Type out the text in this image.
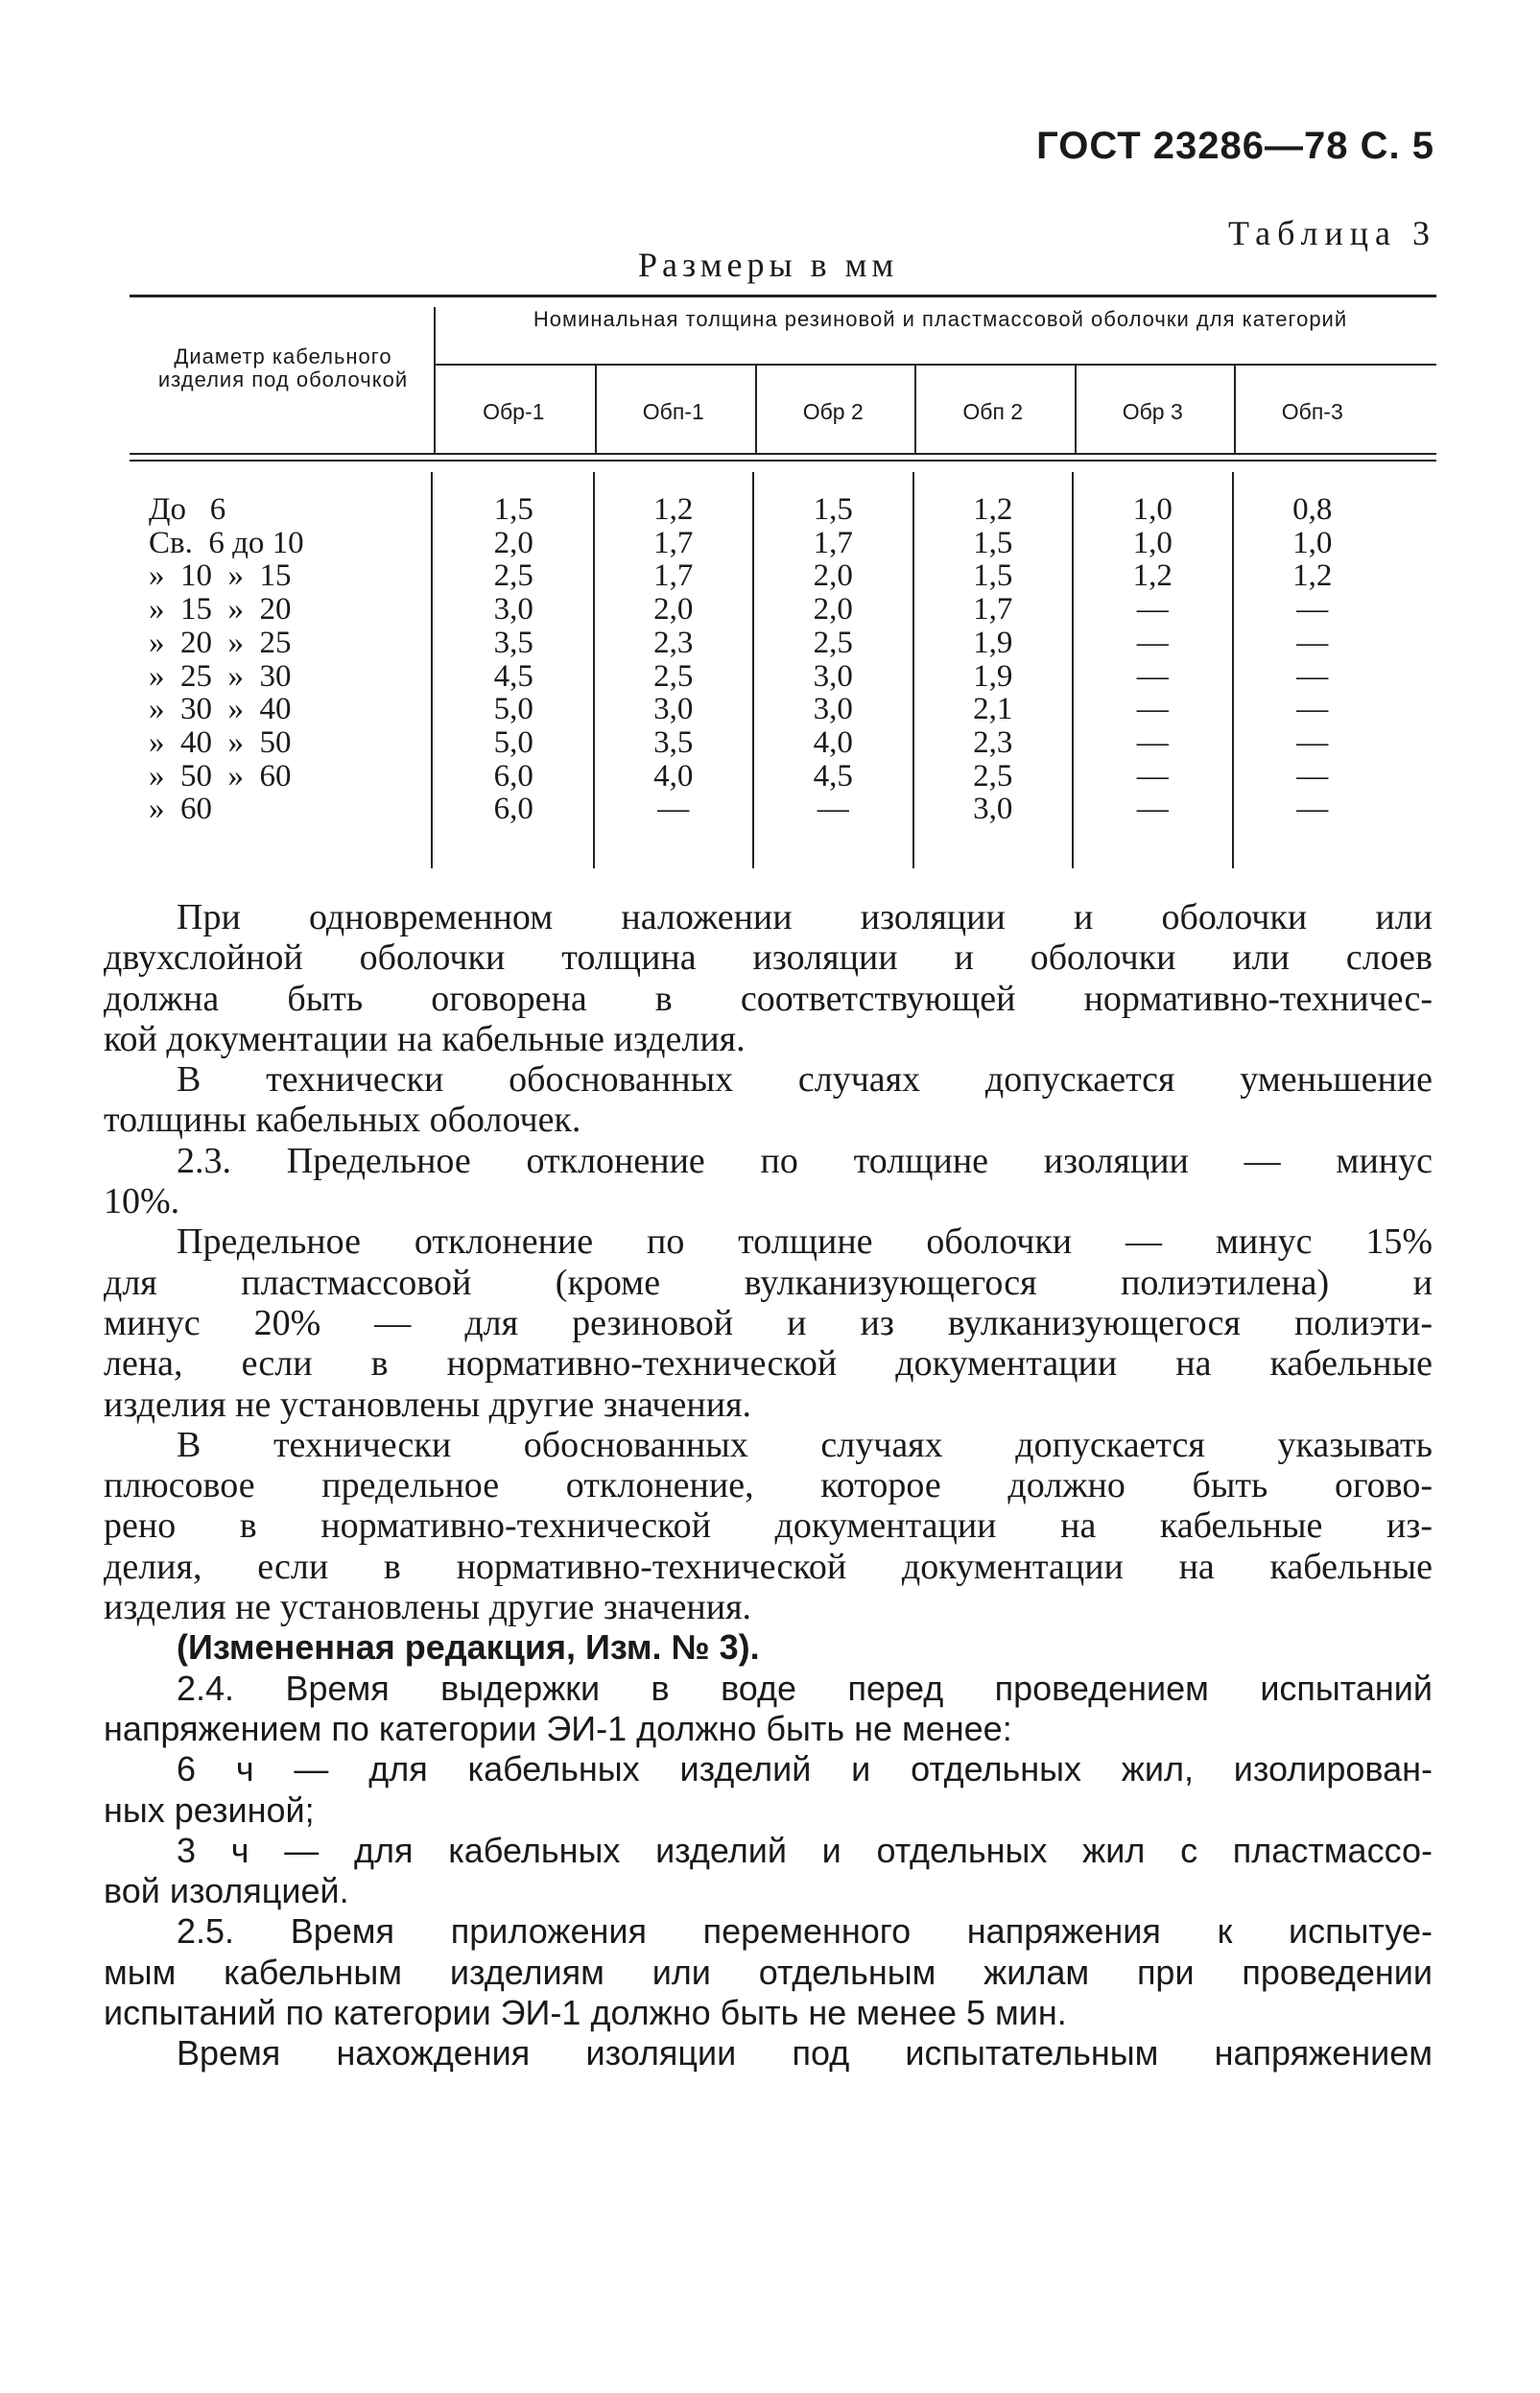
ГОСТ 23286—78 С. 5
Таблица 3
Размеры в мм
Диаметр кабельного изделия под оболочкой
Номинальная толщина резиновой и пластмассовой оболочки для категорий
Обр-1	Обп-1	Обр 2	Обп 2	Обр 3	Обп-3
До   6	1,5	1,2	1,5	1,2	1,0	0,8
Св.  6 до 10	2,0	1,7	1,7	1,5	1,0	1,0
»  10  »  15	2,5	1,7	2,0	1,5	1,2	1,2
»  15  »  20	3,0	2,0	2,0	1,7	—	—
»  20  »  25	3,5	2,3	2,5	1,9	—	—
»  25  »  30	4,5	2,5	3,0	1,9	—	—
»  30  »  40	5,0	3,0	3,0	2,1	—	—
»  40  »  50	5,0	3,5	4,0	2,3	—	—
»  50  »  60	6,0	4,0	4,5	2,5	—	—
»  60	6,0	—	—	3,0	—	—

При одновременном наложении изоляции и оболочки или

двухслойной оболочки толщина изоляции и оболочки или слоев

должна быть оговорена в соответствующей нормативно-техничес-

кой документации на кабельные изделия.

В технически обоснованных случаях допускается уменьшение

толщины кабельных оболочек.

2.3. Предельное отклонение по толщине изоляции — минус

10%.

Предельное отклонение по толщине оболочки — минус 15%

для пластмассовой (кроме вулканизующегося полиэтилена) и

минус 20% — для резиновой и из вулканизующегося полиэти-

лена, если в нормативно-технической документации на кабельные

изделия не установлены другие значения.

В технически обоснованных случаях допускается указывать

плюсовое предельное отклонение, которое должно быть огово-

рено в нормативно-технической документации на кабельные из-

делия, если в нормативно-технической документации на кабельные

изделия не установлены другие значения.

(Измененная редакция, Изм. № 3).

2.4. Время выдержки в воде перед проведением испытаний

напряжением по категории ЭИ-1 должно быть не менее:

6 ч — для кабельных изделий и отдельных жил, изолирован-

ных резиной;

3 ч — для кабельных изделий и отдельных жил с пластмассо-

вой изоляцией.

2.5. Время приложения переменного напряжения к испытуе-

мым кабельным изделиям или отдельным жилам при проведении

испытаний по категории ЭИ-1 должно быть не менее 5 мин.

Время нахождения изоляции под испытательным напряжением
